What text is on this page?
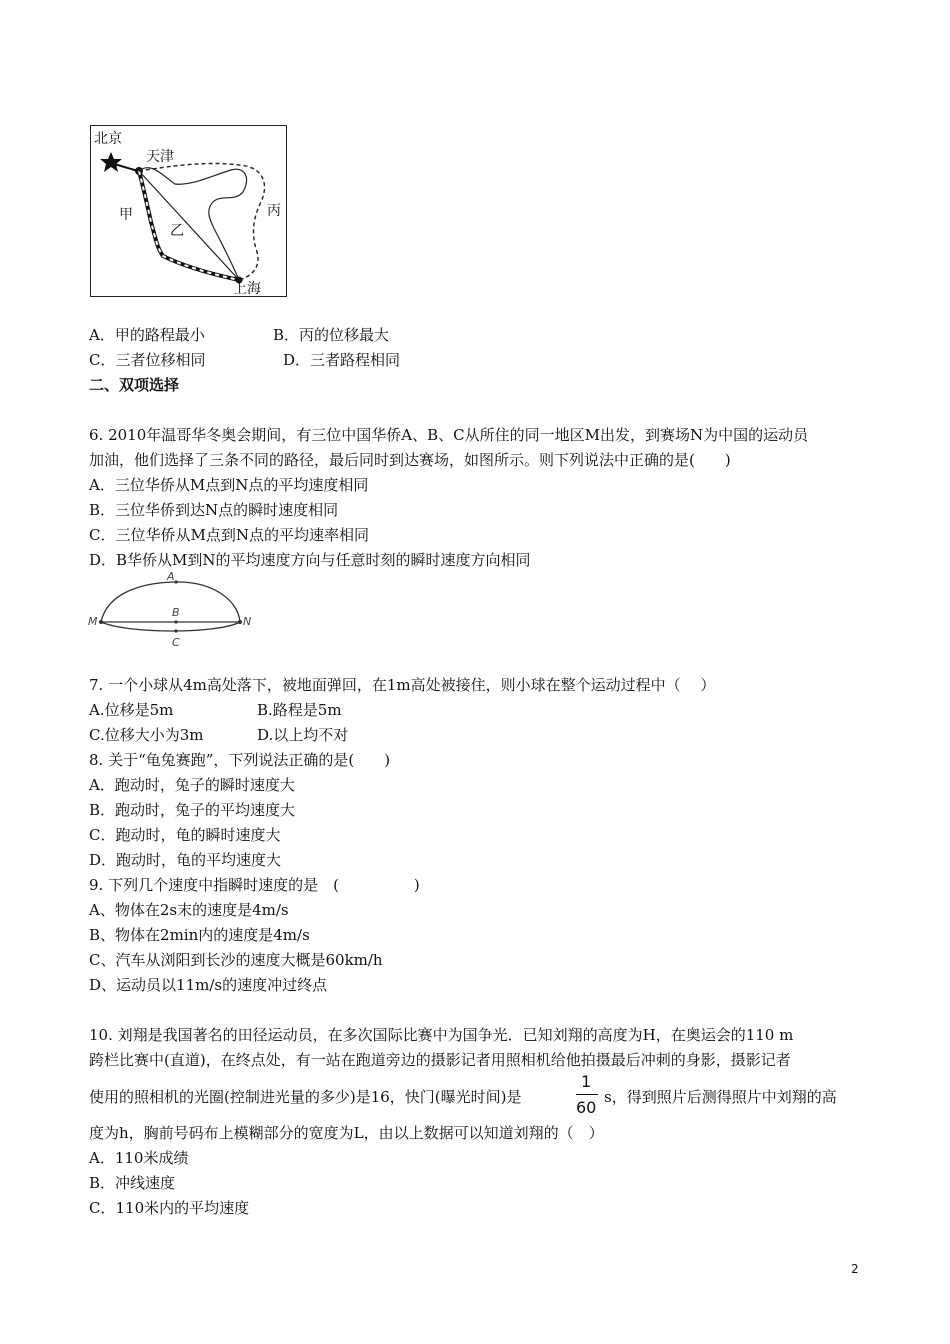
北京
天津
甲
乙
丙
上海
A．甲的路程最小	B．丙的位移最大
C．三者位移相同	D．三者路程相同
二、双项选择
6. 2010年温哥华冬奥会期间，有三位中国华侨A、B、C从所住的同一地区M出发，到赛场N为中国的运动员
加油，他们选择了三条不同的路径，最后同时到达赛场，如图所示。则下列说法中正确的是(　　)
A．三位华侨从M点到N点的平均速度相同
B．三位华侨到达N点的瞬时速度相同
C．三位华侨从M点到N点的平均速率相同
D．B华侨从M到N的平均速度方向与任意时刻的瞬时速度方向相同
A
B
C
M	N
7. 一个小球从4m高处落下，被地面弹回，在1m高处被接住，则小球在整个运动过程中（　 ）
A.位移是5m	B.路程是5m
C.位移大小为3m	D.以上均不对
8. 关于“龟兔赛跑”，下列说法正确的是(　　)
A．跑动时，兔子的瞬时速度大
B．跑动时，兔子的平均速度大
C．跑动时，龟的瞬时速度大
D．跑动时，龟的平均速度大
9. 下列几个速度中指瞬时速度的是　(　　　　　)
A、物体在2s末的速度是4m/s
B、物体在2min内的速度是4m/s
C、汽车从浏阳到长沙的速度大概是60km/h
D、运动员以11m/s的速度冲过终点
10. 刘翔是我国著名的田径运动员，在多次国际比赛中为国争光．已知刘翔的高度为H，在奥运会的110 m
跨栏比赛中(直道)，在终点处，有一站在跑道旁边的摄影记者用照相机给他拍摄最后冲刺的身影，摄影记者
使用的照相机的光圈(控制进光量的多少)是16，快门(曝光时间)是
1
60
s，得到照片后测得照片中刘翔的高
度为h，胸前号码布上模糊部分的宽度为L，由以上数据可以知道刘翔的（　）
A．110米成绩
B．冲线速度
C．110米内的平均速度
2
